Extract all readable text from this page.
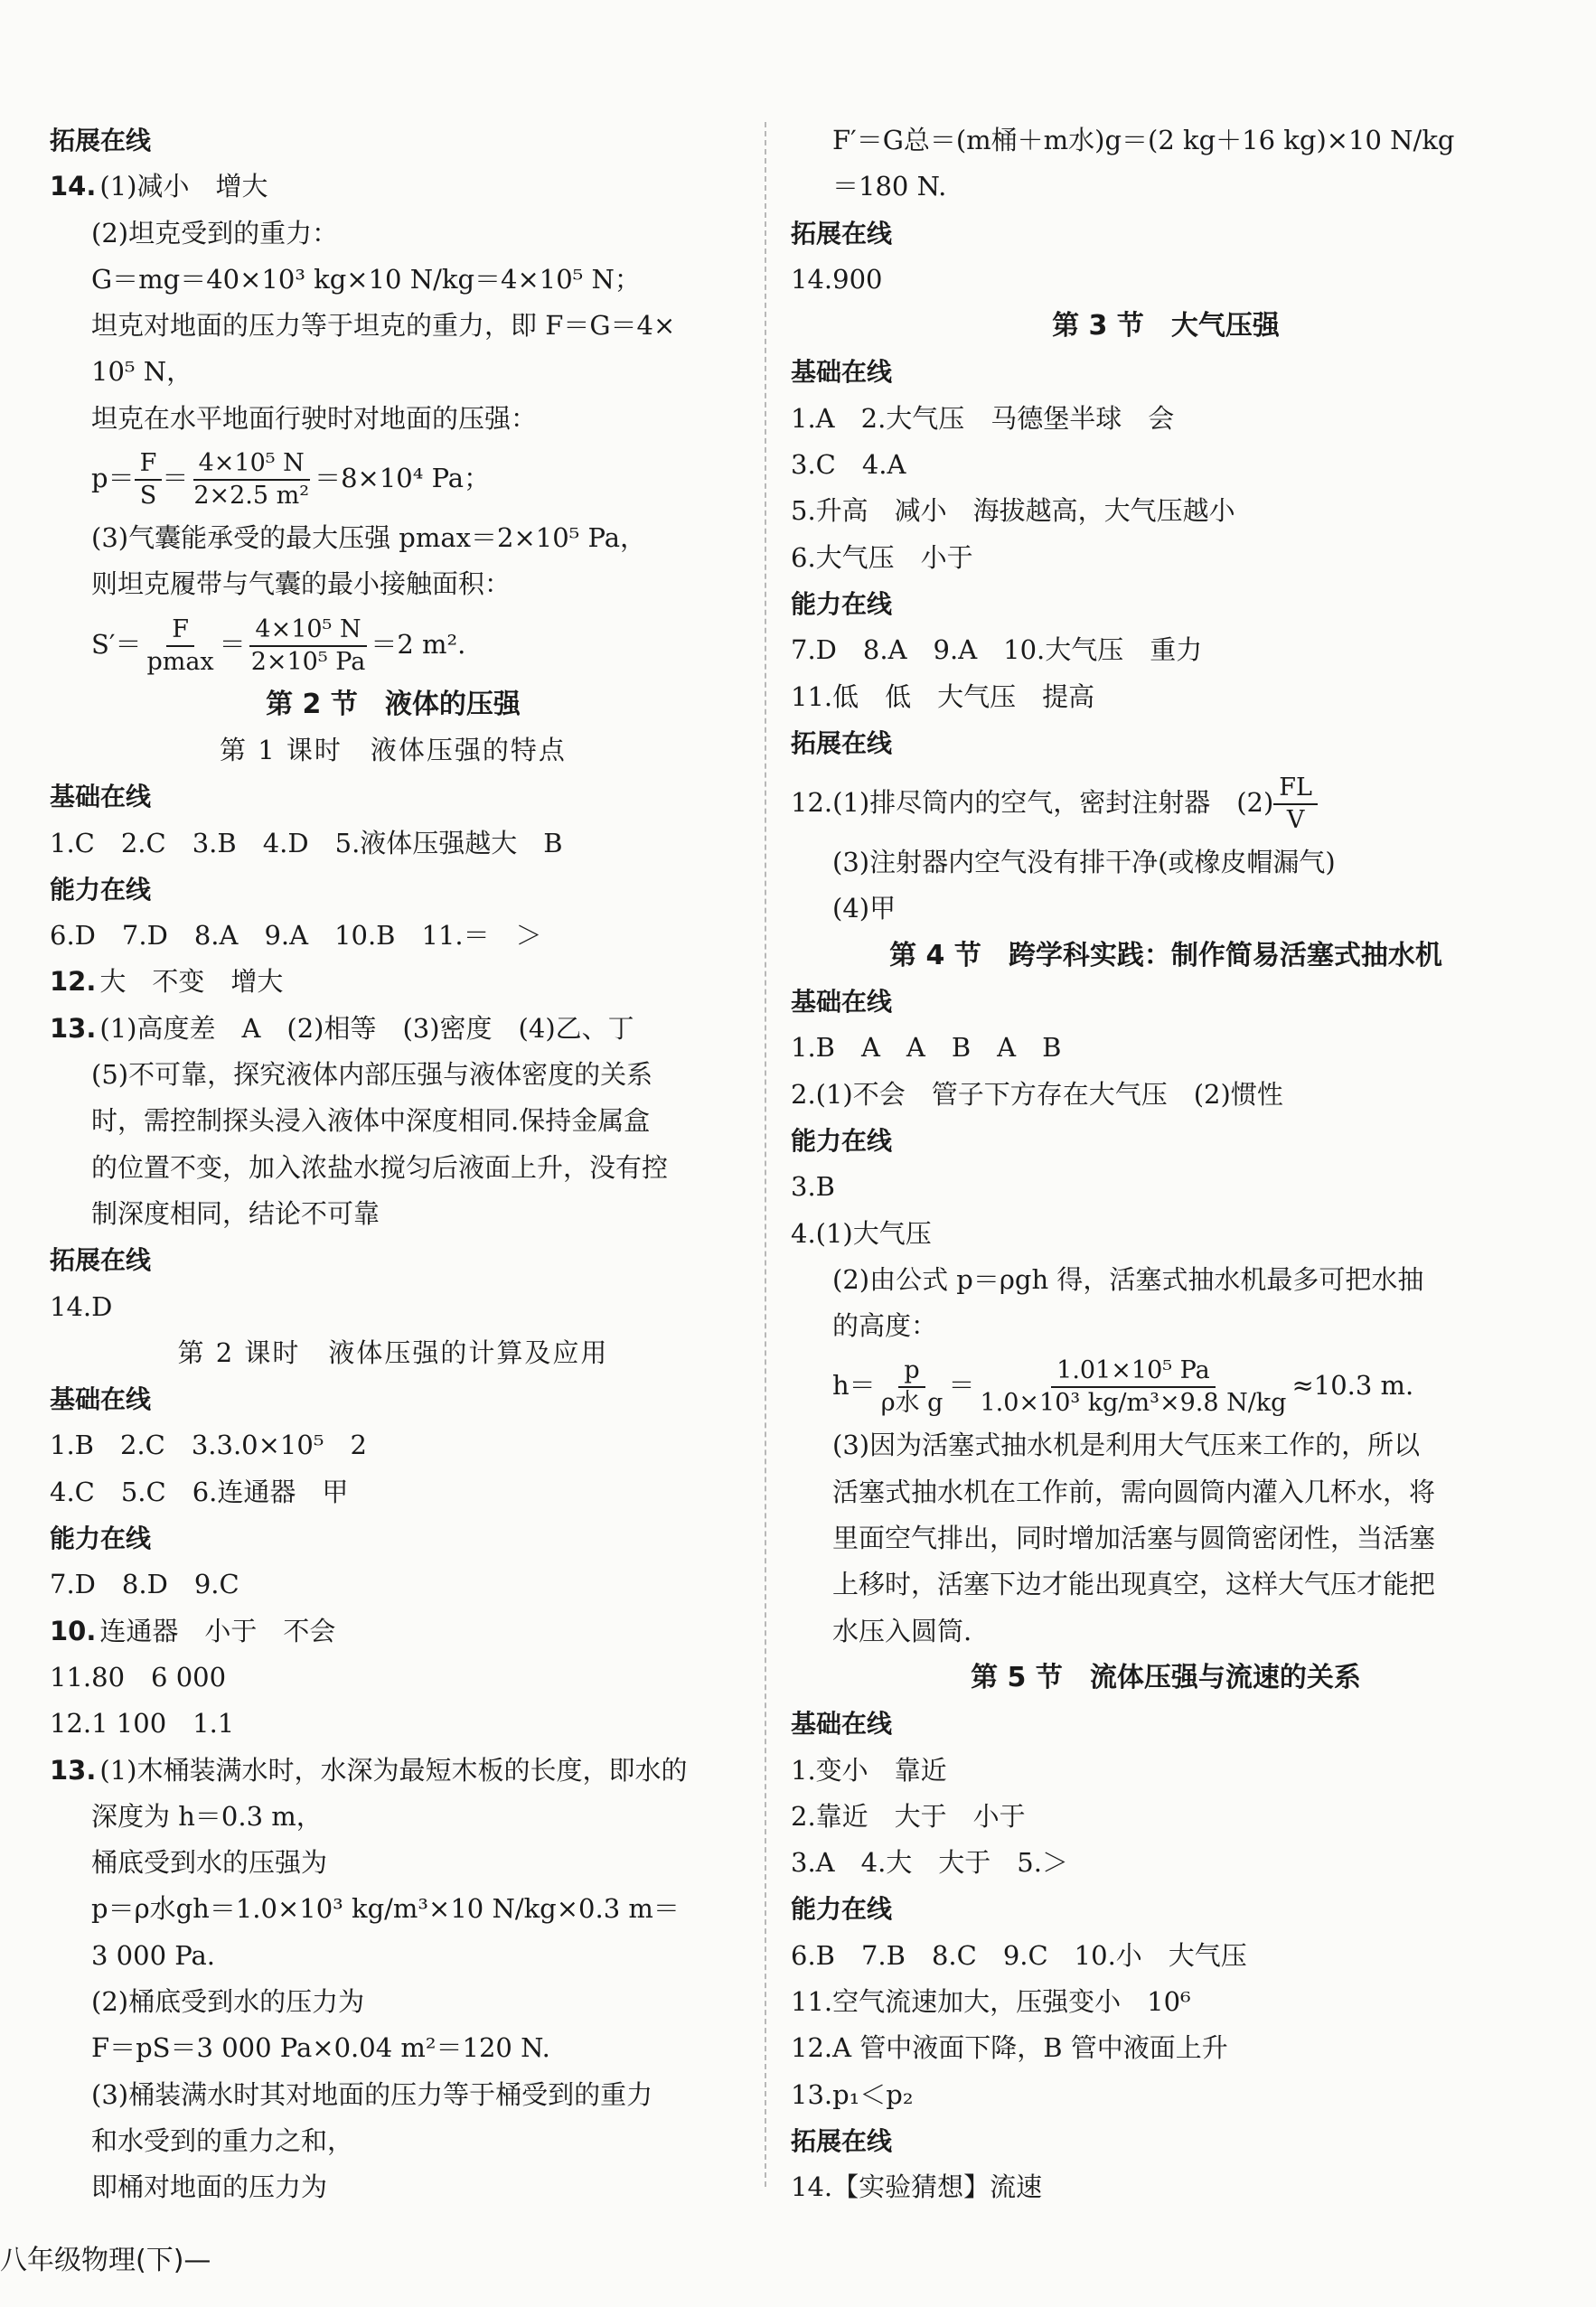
拓展在线
14. (1)减小　增大
(2)坦克受到的重力：
G＝mg＝40×10³ kg×10 N/kg＝4×10⁵ N；
坦克对地面的压力等于坦克的重力，即 F＝G＝4×
10⁵ N，
坦克在水平地面行驶时对地面的压强：
$p= \frac{F}{S} = \frac{\text{4×10⁵ N}}{\text{2×2.5 m²}} =8\times 10^4$ Pa；
(3)气囊能承受的最大压强 pmax＝2×10⁵ Pa，
则坦克履带与气囊的最小接触面积：
S′＝ F
pmax
＝ $\frac{\text{4×10⁵ N}}{\text{2×10⁵ Pa}} =2$ m².
第 2 节　液体的压强
第 1 课时　液体压强的特点
基础在线
1.C　2.C　3.B　4.D　5.液体压强越大　B
能力在线
6.D　7.D　8.A　9.A　10.B　11.＝　＞
12. 大　不变　增大
13. (1)高度差　A　(2)相等　(3)密度　(4)乙、丁
(5)不可靠，探究液体内部压强与液体密度的关系
时，需控制探头浸入液体中深度相同.保持金属盒
的位置不变，加入浓盐水搅匀后液面上升，没有控
制深度相同，结论不可靠
拓展在线
14.D
第 2 课时　液体压强的计算及应用
基础在线
1.B　2.C　3.3.0×10⁵　2
4.C　5.C　6.连通器　甲
能力在线
7.D　8.D　9.C
10. 连通器　小于　不会
11.80　6 000
12.1 100　1.1
13. (1)木桶装满水时，水深为最短木板的长度，即水的
深度为 h＝0.3 m，
桶底受到水的压强为
p＝ρ水gh＝1.0×10³ kg/m³×10 N/kg×0.3 m＝
3 000 Pa.
(2)桶底受到水的压力为
F＝pS＝3 000 Pa×0.04 m²＝120 N.
(3)桶装满水时其对地面的压力等于桶受到的重力
和水受到的重力之和，
即桶对地面的压力为
F′＝G总＝(m桶＋m水)g＝(2 kg＋16 kg)×10 N/kg
＝180 N.
拓展在线
14.900
第 3 节　大气压强
基础在线
1.A　2.大气压　马德堡半球　会
3.C　4.A
5.升高　减小　海拔越高，大气压越小
6.大气压　小于
能力在线
7.D　8.A　9.A　10.大气压　重力
11.低　低　大气压　提高
拓展在线
12.(1)排尽筒内的空气，密封注射器　$(2) \frac{FL}{V}$
(3)注射器内空气没有排干净(或橡皮帽漏气)
(4)甲
第 4 节　跨学科实践：制作简易活塞式抽水机
基础在线
1.B　A　A　B　A　B
2.(1)不会　管子下方存在大气压　(2)惯性
能力在线
3.B
4.(1)大气压
(2)由公式 p＝ρgh 得，活塞式抽水机最多可把水抽
的高度：
h＝ p
ρ水 g
＝ $\frac{\text{1.01×10⁵ Pa}}{\text{1.0×10³ kg/m³×9.8 N/kg}} \approx 10.3$ m.
(3)因为活塞式抽水机是利用大气压来工作的，所以
活塞式抽水机在工作前，需向圆筒内灌入几杯水，将
里面空气排出，同时增加活塞与圆筒密闭性，当活塞
上移时，活塞下边才能出现真空，这样大气压才能把
水压入圆筒.
第 5 节　流体压强与流速的关系
基础在线
1.变小　靠近
2.靠近　大于　小于
3.A　4.大　大于　5.＞
能力在线
6.B　7.B　8.C　9.C　10.小　大气压
11.空气流速加大，压强变小　10⁶
12.A 管中液面下降，B 管中液面上升
13.p₁＜p₂
拓展在线
14.【实验猜想】流速
八年级物理(下)—
